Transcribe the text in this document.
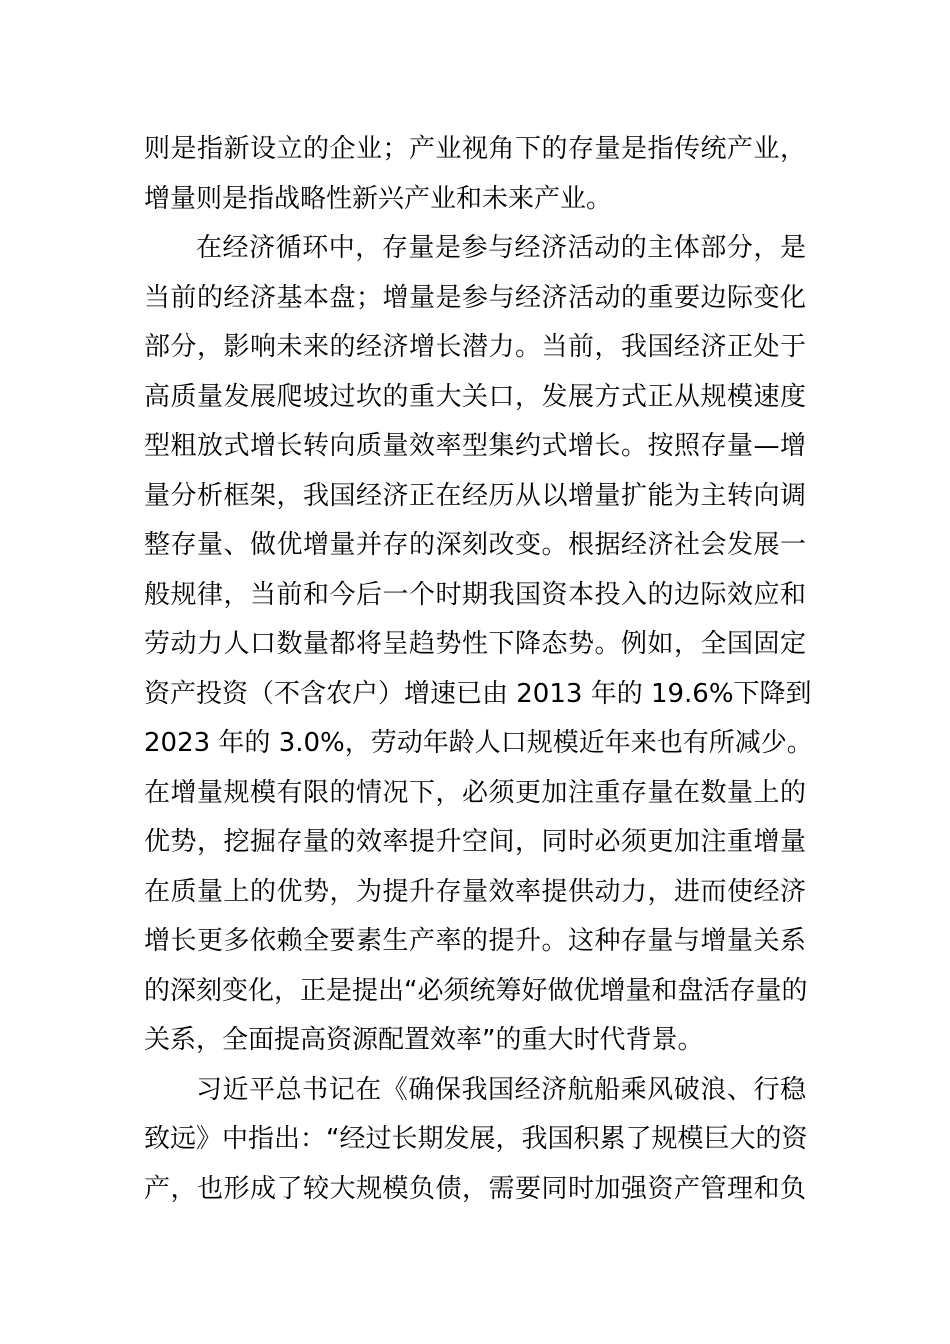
则是指新设立的企业；产业视角下的存量是指传统产业，
增量则是指战略性新兴产业和未来产业。
在经济循环中，存量是参与经济活动的主体部分，是
当前的经济基本盘；增量是参与经济活动的重要边际变化
部分，影响未来的经济增长潜力。当前，我国经济正处于
高质量发展爬坡过坎的重大关口，发展方式正从规模速度
型粗放式增长转向质量效率型集约式增长。按照存量—增
量分析框架，我国经济正在经历从以增量扩能为主转向调
整存量、做优增量并存的深刻改变。根据经济社会发展一
般规律，当前和今后一个时期我国资本投入的边际效应和
劳动力人口数量都将呈趋势性下降态势。例如，全国固定
资产投资（不含农户）增速已由 2013 年的 19.6%下降到
2023 年的 3.0%，劳动年龄人口规模近年来也有所减少。
在增量规模有限的情况下，必须更加注重存量在数量上的
优势，挖掘存量的效率提升空间，同时必须更加注重增量
在质量上的优势，为提升存量效率提供动力，进而使经济
增长更多依赖全要素生产率的提升。这种存量与增量关系
的深刻变化，正是提出“必须统筹好做优增量和盘活存量的
关系，全面提高资源配置效率”的重大时代背景。
习近平总书记在《确保我国经济航船乘风破浪、行稳
致远》中指出：“经过长期发展，我国积累了规模巨大的资
产，也形成了较大规模负债，需要同时加强资产管理和负
